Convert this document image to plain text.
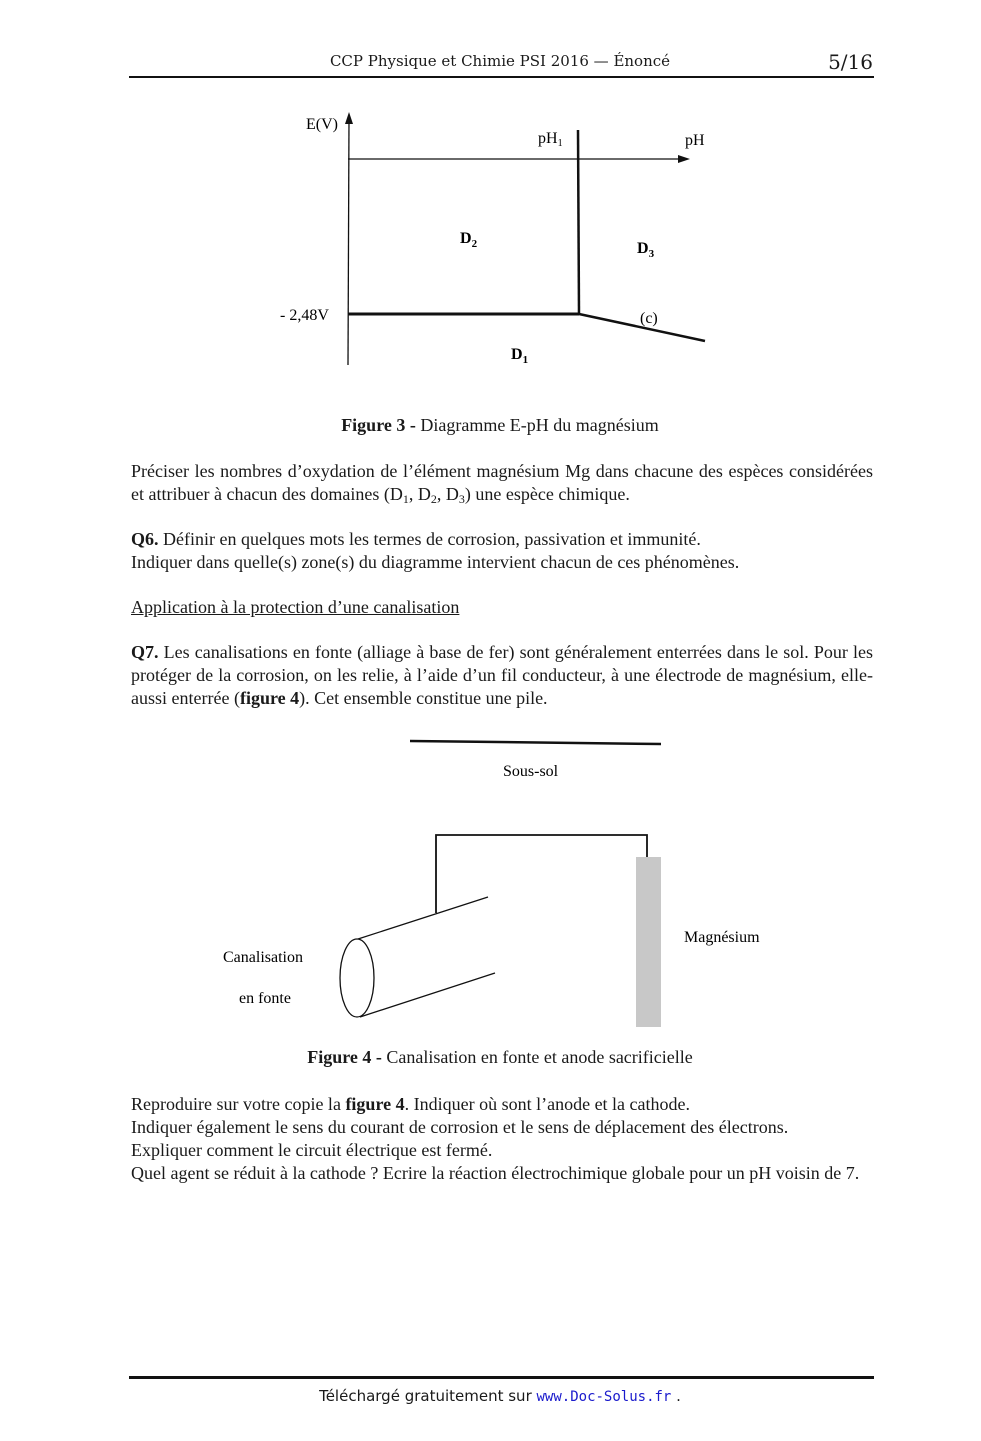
CCP Physique et Chimie PSI 2016 — Énoncé	5/16
E(V)
pH
pH1
- 2,48V	(c)
$D_2$	$D_3$
$D_1$
Figure 3 - Diagramme E-pH du magnésium
Préciser les nombres d’oxydation de l’élément magnésium Mg dans chacune des espèces considérées et attribuer à chacun des domaines ($D_1$, $D_2$, $D_3$) une espèce chimique.
Q6. Définir en quelques mots les termes de corrosion, passivation et immunité.
Indiquer dans quelle(s) zone(s) du diagramme intervient chacun de ces phénomènes.
Application à la protection d’une canalisation
Q7. Les canalisations en fonte (alliage à base de fer) sont généralement enterrées dans le sol. Pour les protéger de la corrosion, on les relie, à l’aide d’un fil conducteur, à une électrode de magnésium, elle-aussi enterrée (figure 4). Cet ensemble constitue une pile.
Sous-sol
Canalisation
en fonte
Magnésium
Figure 4 - Canalisation en fonte et anode sacrificielle
Reproduire sur votre copie la figure 4. Indiquer où sont l’anode et la cathode.
Indiquer également le sens du courant de corrosion et le sens de déplacement des électrons.
Expliquer comment le circuit électrique est fermé.
Quel agent se réduit à la cathode ? Ecrire la réaction électrochimique globale pour un pH voisin de 7.
Téléchargé gratuitement sur www.Doc-Solus.fr .
